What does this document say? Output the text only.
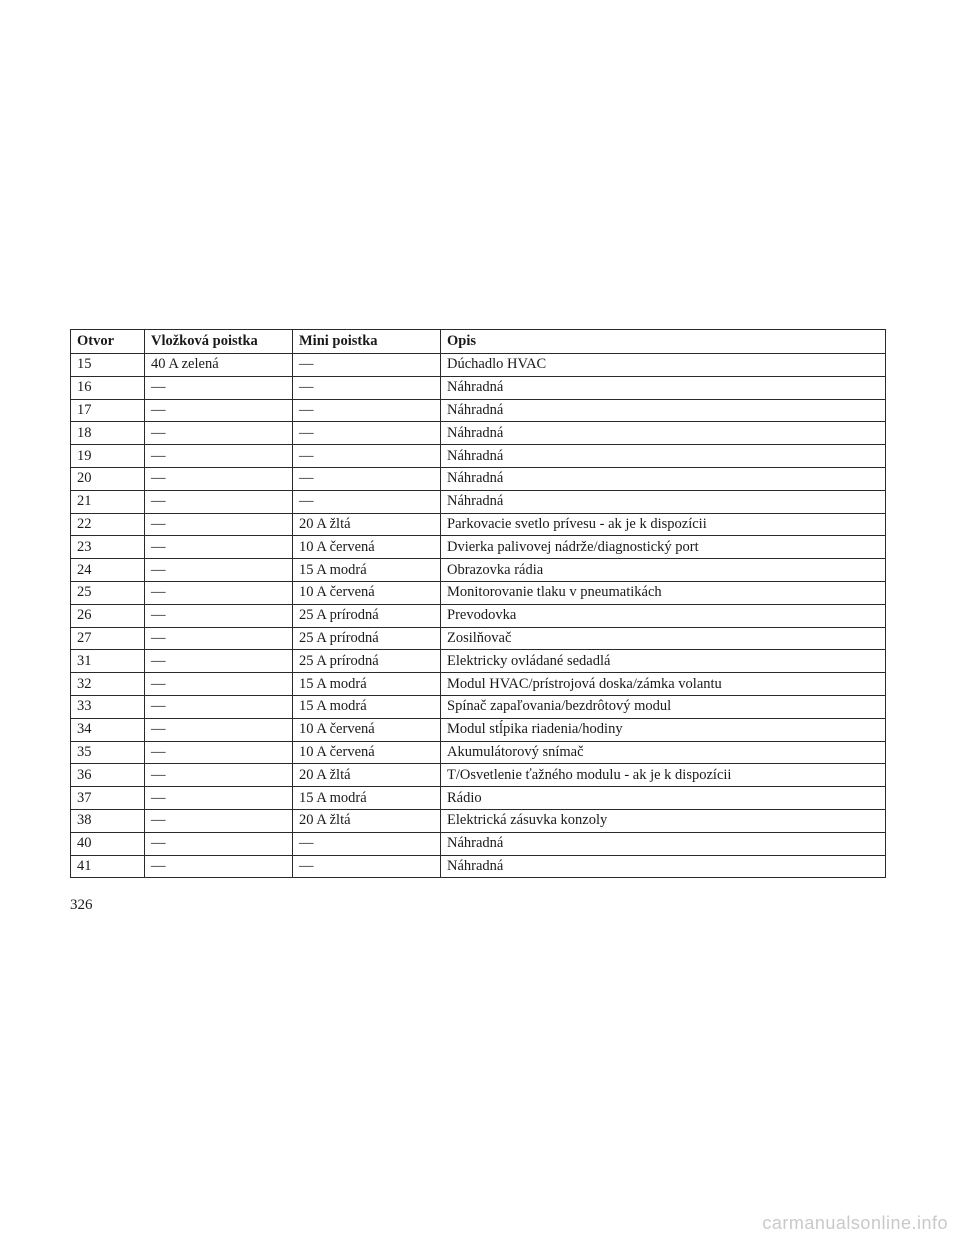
Otvor	Vložková poistka	Mini poistka	Opis
15	40 A zelená	—	Dúchadlo HVAC
16	—	—	Náhradná
17	—	—	Náhradná
18	—	—	Náhradná
19	—	—	Náhradná
20	—	—	Náhradná
21	—	—	Náhradná
22	—	20 A žltá	Parkovacie svetlo prívesu - ak je k dispozícii
23	—	10 A červená	Dvierka palivovej nádrže/diagnostický port
24	—	15 A modrá	Obrazovka rádia
25	—	10 A červená	Monitorovanie tlaku v pneumatikách
26	—	25 A prírodná	Prevodovka
27	—	25 A prírodná	Zosilňovač
31	—	25 A prírodná	Elektricky ovládané sedadlá
32	—	15 A modrá	Modul HVAC/prístrojová doska/zámka volantu
33	—	15 A modrá	Spínač zapaľovania/bezdrôtový modul
34	—	10 A červená	Modul stĺpika riadenia/hodiny
35	—	10 A červená	Akumulátorový snímač
36	—	20 A žltá	T/Osvetlenie ťažného modulu - ak je k dispozícii
37	—	15 A modrá	Rádio
38	—	20 A žltá	Elektrická zásuvka konzoly
40	—	—	Náhradná
41	—	—	Náhradná
326
carmanualsonline.info
